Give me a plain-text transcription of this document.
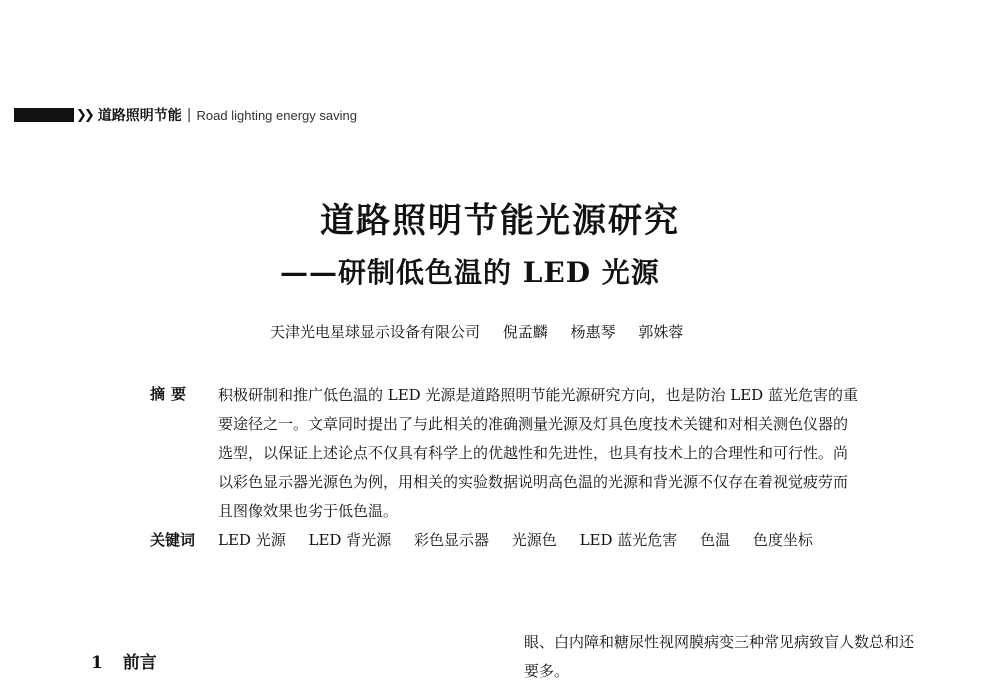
❯❯ 道路照明节能 | Road lighting energy saving
道路照明节能光源研究
——研制低色温的 LED 光源
天津光电星球显示设备有限公司 倪孟麟 杨惠琴 郭姝蓉
摘要 积极研制和推广低色温的 LED 光源是道路照明节能光源研究方向，也是防治 LED 蓝光危害的重要途径之一。文章同时提出了与此相关的准确测量光源及灯具色度技术关键和对相关测色仪器的选型，以保证上述论点不仅具有科学上的优越性和先进性，也具有技术上的合理性和可行性。尚以彩色显示器光源色为例，用相关的实验数据说明高色温的光源和背光源不仅存在着视觉疲劳而且图像效果也劣于低色温。

关键词 LED 光源 LED 背光源 彩色显示器 光源色 LED 蓝光危害 色温 色度坐标
1 前言

眼、白内障和糖尿性视网膜病变三种常见病致盲人数总和还要多。
